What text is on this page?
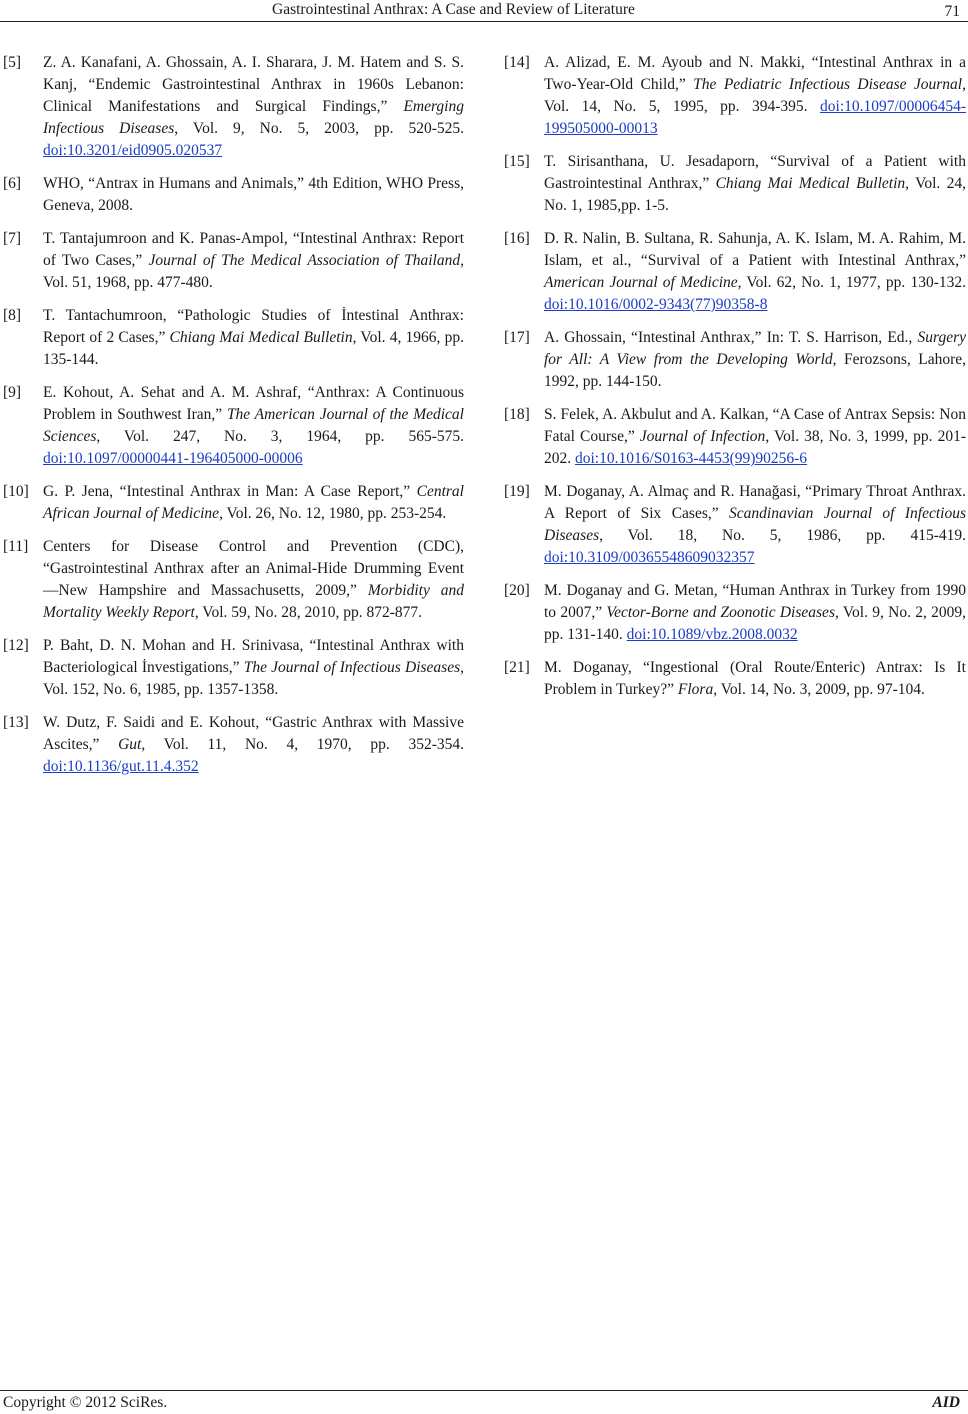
Gastrointestinal Anthrax: A Case and Review of Literature	71
[5] Z. A. Kanafani, A. Ghossain, A. I. Sharara, J. M. Hatem and S. S. Kanj, “Endemic Gastrointestinal Anthrax in 1960s Lebanon: Clinical Manifestations and Surgical Findings,” Emerging Infectious Diseases, Vol. 9, No. 5, 2003, pp. 520-525. doi:10.3201/eid0905.020537
[6] WHO, “Antrax in Humans and Animals,” 4th Edition, WHO Press, Geneva, 2008.
[7] T. Tantajumroon and K. Panas-Ampol, “Intestinal Anthrax: Report of Two Cases,” Journal of The Medical Association of Thailand, Vol. 51, 1968, pp. 477-480.
[8] T. Tantachumroon, “Pathologic Studies of İntestinal Anthrax: Report of 2 Cases,” Chiang Mai Medical Bulletin, Vol. 4, 1966, pp. 135-144.
[9] E. Kohout, A. Sehat and A. M. Ashraf, “Anthrax: A Continuous Problem in Southwest Iran,” The American Journal of the Medical Sciences, Vol. 247, No. 3, 1964, pp. 565-575. doi:10.1097/00000441-196405000-00006
[10] G. P. Jena, “Intestinal Anthrax in Man: A Case Report,” Central African Journal of Medicine, Vol. 26, No. 12, 1980, pp. 253-254.
[11] Centers for Disease Control and Prevention (CDC), “Gastrointestinal Anthrax after an Animal-Hide Drumming Event—New Hampshire and Massachusetts, 2009,” Morbidity and Mortality Weekly Report, Vol. 59, No. 28, 2010, pp. 872-877.
[12] P. Baht, D. N. Mohan and H. Srinivasa, “Intestinal Anthrax with Bacteriological İnvestigations,” The Journal of Infectious Diseases, Vol. 152, No. 6, 1985, pp. 1357-1358.
[13] W. Dutz, F. Saidi and E. Kohout, “Gastric Anthrax with Massive Ascites,” Gut, Vol. 11, No. 4, 1970, pp. 352-354. doi:10.1136/gut.11.4.352
[14] A. Alizad, E. M. Ayoub and N. Makki, “Intestinal Anthrax in a Two-Year-Old Child,” The Pediatric Infectious Disease Journal, Vol. 14, No. 5, 1995, pp. 394-395. doi:10.1097/00006454-199505000-00013
[15] T. Sirisanthana, U. Jesadaporn, “Survival of a Patient with Gastrointestinal Anthrax,” Chiang Mai Medical Bulletin, Vol. 24, No. 1, 1985,pp. 1-5.
[16] D. R. Nalin, B. Sultana, R. Sahunja, A. K. Islam, M. A. Rahim, M. Islam, et al., “Survival of a Patient with Intestinal Anthrax,” American Journal of Medicine, Vol. 62, No. 1, 1977, pp. 130-132. doi:10.1016/0002-9343(77)90358-8
[17] A. Ghossain, “Intestinal Anthrax,” In: T. S. Harrison, Ed., Surgery for All: A View from the Developing World, Ferozsons, Lahore, 1992, pp. 144-150.
[18] S. Felek, A. Akbulut and A. Kalkan, “A Case of Antrax Sepsis: Non Fatal Course,” Journal of Infection, Vol. 38, No. 3, 1999, pp. 201-202. doi:10.1016/S0163-4453(99)90256-6
[19] M. Doganay, A. Almaç and R. Hanağasi, “Primary Throat Anthrax. A Report of Six Cases,” Scandinavian Journal of Infectious Diseases, Vol. 18, No. 5, 1986, pp. 415-419. doi:10.3109/00365548609032357
[20] M. Doganay and G. Metan, “Human Anthrax in Turkey from 1990 to 2007,” Vector-Borne and Zoonotic Diseases, Vol. 9, No. 2, 2009, pp. 131-140. doi:10.1089/vbz.2008.0032
[21] M. Doganay, “Ingestional (Oral Route/Enteric) Antrax: Is It Problem in Turkey?” Flora, Vol. 14, No. 3, 2009, pp. 97-104.
Copyright © 2012 SciRes.	AID
